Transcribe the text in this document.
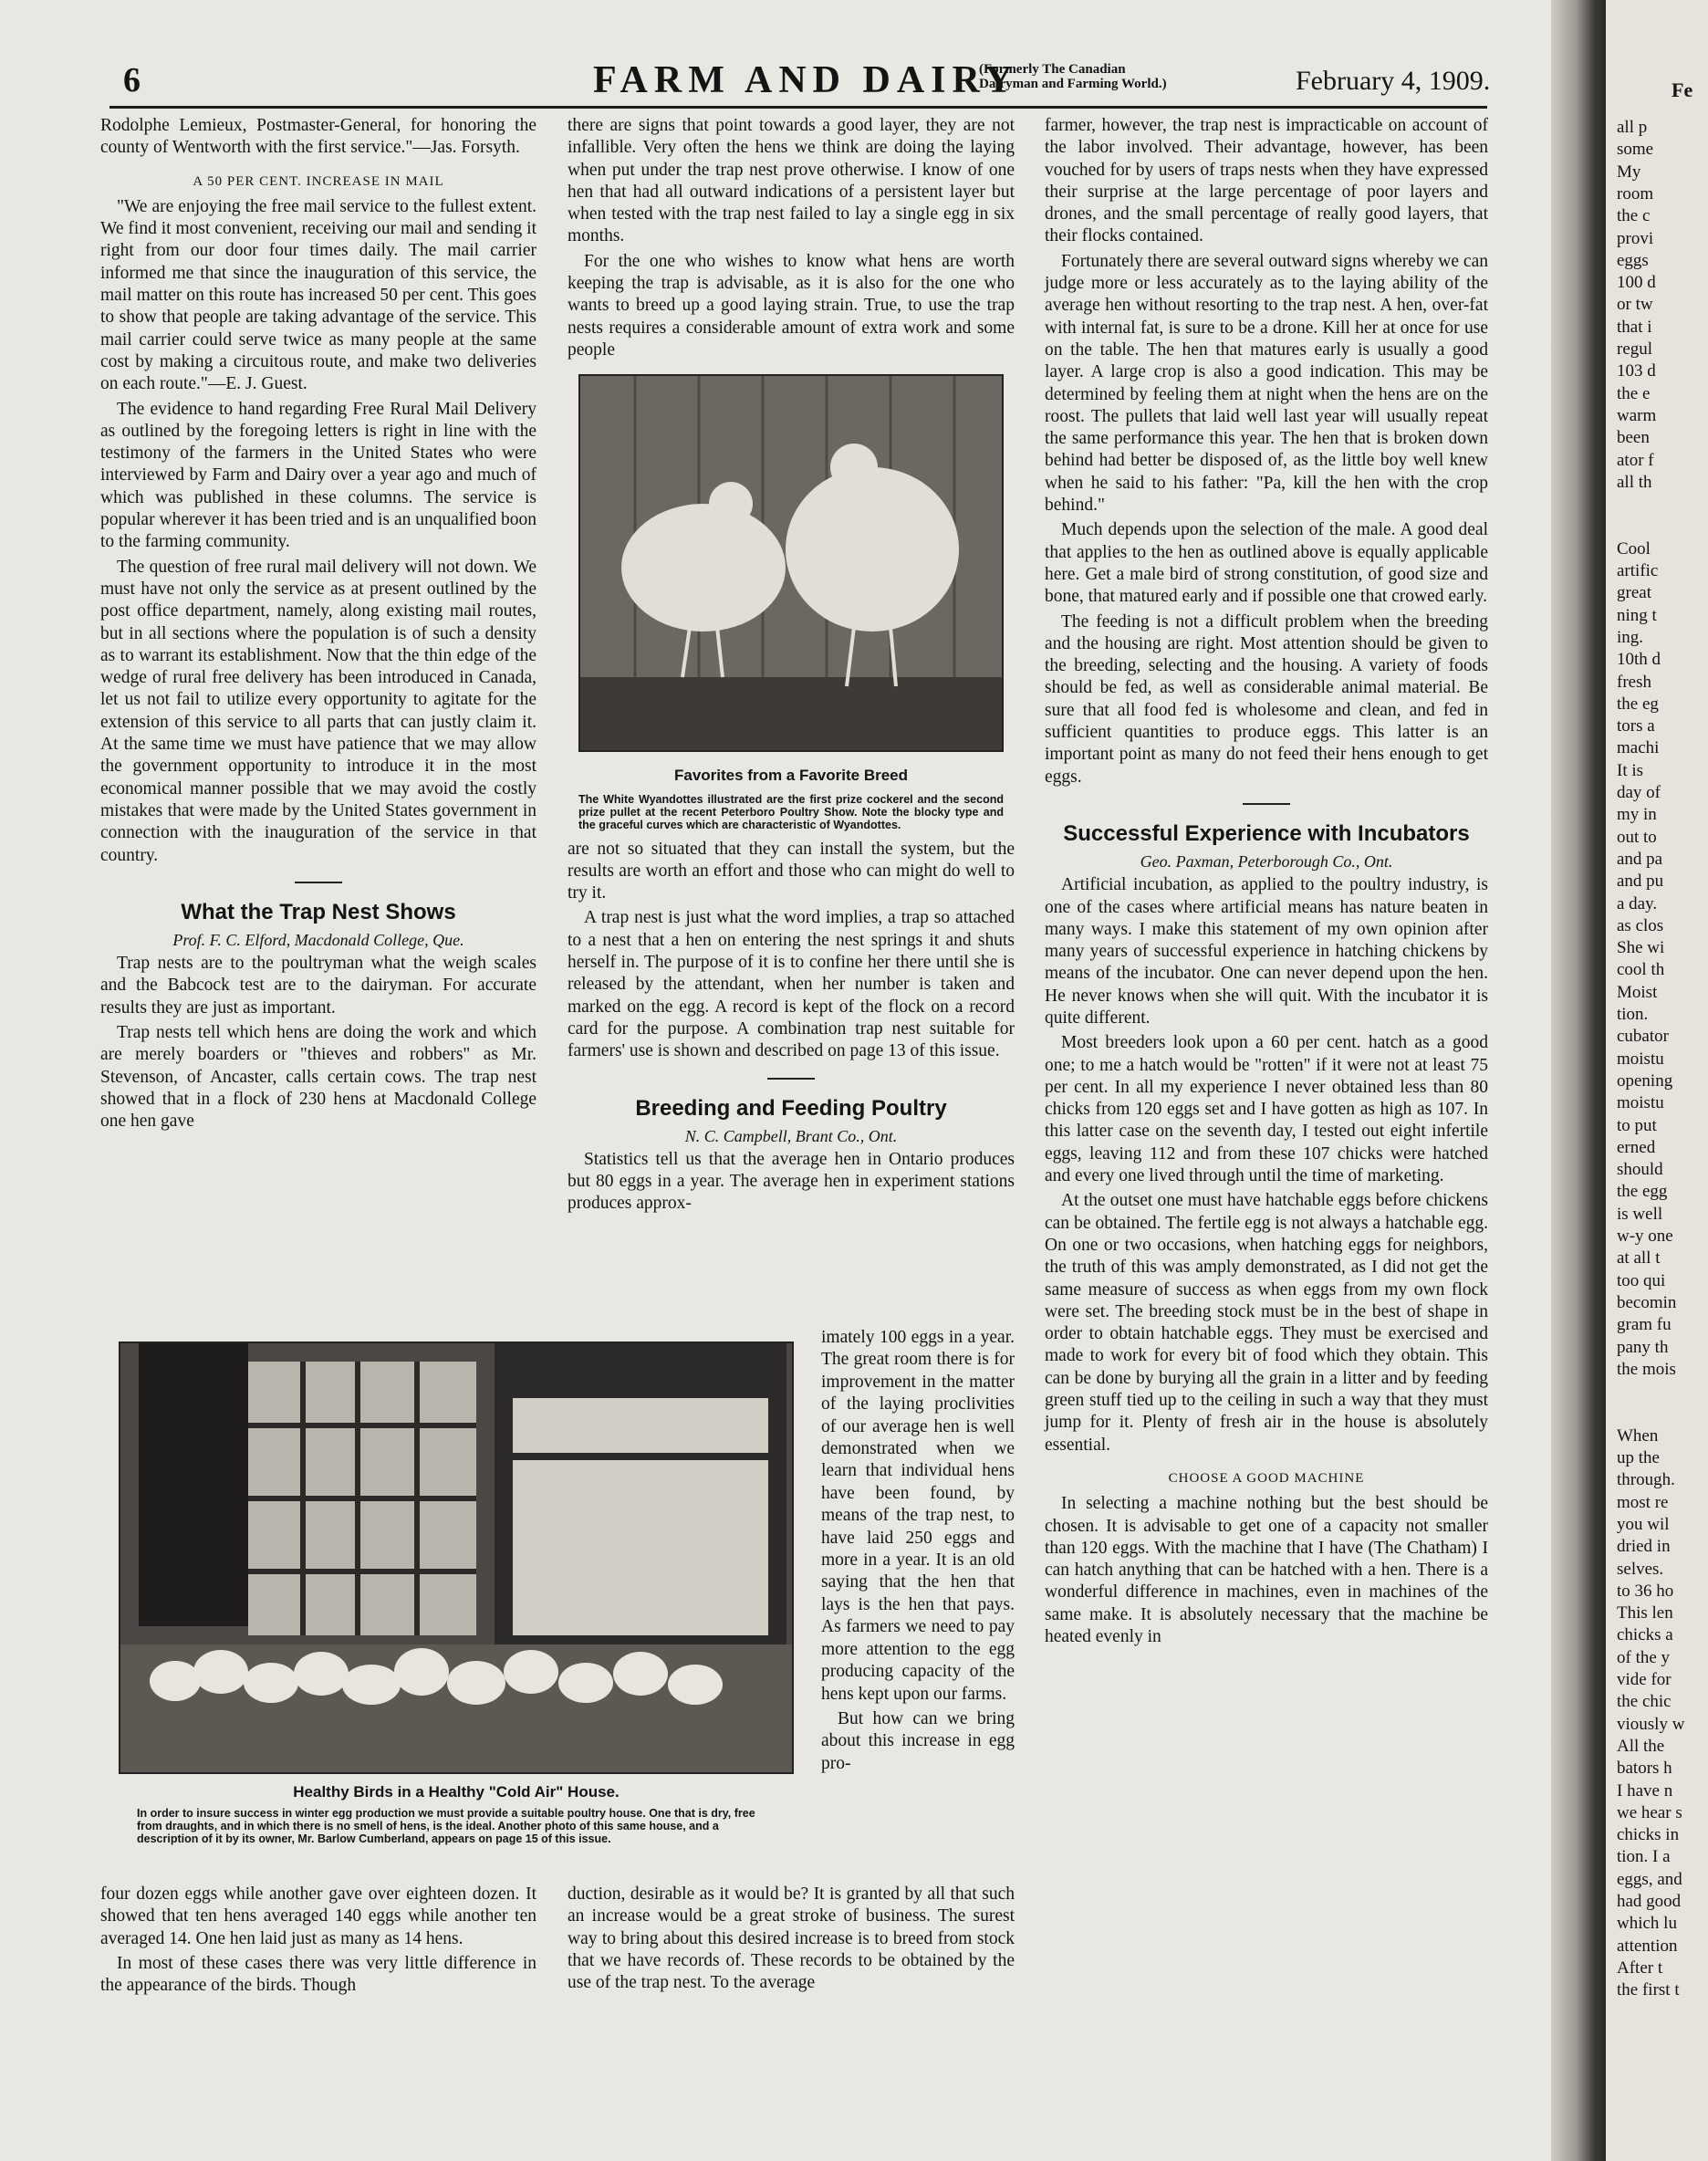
6	FARM AND DAIRY
(Formerly The Canadian Dairyman and Farming World.)	February 4, 1909.

Rodolphe Lemieux, Postmaster-General, for honoring the county of Wentworth with the first service."—Jas. Forsyth.

A 50 PER CENT. INCREASE IN MAIL

"We are enjoying the free mail service to the fullest extent. We find it most convenient, receiving our mail and sending it right from our door four times daily. The mail carrier informed me that since the inauguration of this service, the mail matter on this route has increased 50 per cent. This goes to show that people are taking advantage of the service. This mail carrier could serve twice as many people at the same cost by making a circuitous route, and make two deliveries on each route."—E. J. Guest.

The evidence to hand regarding Free Rural Mail Delivery as outlined by the foregoing letters is right in line with the testimony of the farmers in the United States who were interviewed by Farm and Dairy over a year ago and much of which was published in these columns. The service is popular wherever it has been tried and is an unqualified boon to the farming community.

The question of free rural mail delivery will not down. We must have not only the service as at present outlined by the post office department, namely, along existing mail routes, but in all sections where the population is of such a density as to warrant its establishment. Now that the thin edge of the wedge of rural free delivery has been introduced in Canada, let us not fail to utilize every opportunity to agitate for the extension of this service to all parts that can justly claim it. At the same time we must have patience that we may allow the government opportunity to introduce it in the most economical manner possible that we may avoid the costly mistakes that were made by the United States government in connection with the inauguration of the service in that country.

What the Trap Nest Shows
Prof. F. C. Elford, Macdonald College, Que.

Trap nests are to the poultryman what the weigh scales and the Babcock test are to the dairyman. For accurate results they are just as important.

Trap nests tell which hens are doing the work and which are merely boarders or "thieves and robbers" as Mr. Stevenson, of Ancaster, calls certain cows. The trap nest showed that in a flock of 230 hens at Macdonald College one hen gave

Healthy Birds in a Healthy "Cold Air" House.
In order to insure success in winter egg production we must provide a suitable poultry house. One that is dry, free from draughts, and in which there is no smell of hens, is the ideal. Another photo of this same house, and a description of it by its owner, Mr. Barlow Cumberland, appears on page 15 of this issue.

four dozen eggs while another gave over eighteen dozen. It showed that ten hens averaged 140 eggs while another ten averaged 14. One hen laid just as many as 14 hens.

In most of these cases there was very little difference in the appearance of the birds. Though

there are signs that point towards a good layer, they are not infallible. Very often the hens we think are doing the laying when put under the trap nest prove otherwise. I know of one hen that had all outward indications of a persistent layer but when tested with the trap nest failed to lay a single egg in six months.

For the one who wishes to know what hens are worth keeping the trap is advisable, as it is also for the one who wants to breed up a good laying strain. True, to use the trap nests requires a considerable amount of extra work and some people

Favorites from a Favorite Breed
The White Wyandottes illustrated are the first prize cockerel and the second prize pullet at the recent Peterboro Poultry Show. Note the blocky type and the graceful curves which are characteristic of Wyandottes.

are not so situated that they can install the system, but the results are worth an effort and those who can might do well to try it.

A trap nest is just what the word implies, a trap so attached to a nest that a hen on entering the nest springs it and shuts herself in. The purpose of it is to confine her there until she is released by the attendant, when her number is taken and marked on the egg. A record is kept of the flock on a record card for the purpose. A combination trap nest suitable for farmers' use is shown and described on page 13 of this issue.

Breeding and Feeding Poultry
N. C. Campbell, Brant Co., Ont.

Statistics tell us that the average hen in Ontario produces but 80 eggs in a year. The average hen in experiment stations produces approx-

imately 100 eggs in a year. The great room there is for improvement in the matter of the laying proclivities of our average hen is well demonstrated when we learn that individual hens have been found, by means of the trap nest, to have laid 250 eggs and more in a year. It is an old saying that the hen that lays is the hen that pays. As farmers we need to pay more attention to the egg producing capacity of the hens kept upon our farms.

But how can we bring about this increase in egg pro-

duction, desirable as it would be? It is granted by all that such an increase would be a great stroke of business. The surest way to bring about this desired increase is to breed from stock that we have records of. These records to be obtained by the use of the trap nest. To the average

farmer, however, the trap nest is impracticable on account of the labor involved. Their advantage, however, has been vouched for by users of traps nests when they have expressed their surprise at the large percentage of poor layers and drones, and the small percentage of really good layers, that their flocks contained.

Fortunately there are several outward signs whereby we can judge more or less accurately as to the laying ability of the average hen without resorting to the trap nest. A hen, over-fat with internal fat, is sure to be a drone. Kill her at once for use on the table. The hen that matures early is usually a good layer. A large crop is also a good indication. This may be determined by feeling them at night when the hens are on the roost. The pullets that laid well last year will usually repeat the same performance this year. The hen that is broken down behind had better be disposed of, as the little boy well knew when he said to his father: "Pa, kill the hen with the crop behind."

Much depends upon the selection of the male. A good deal that applies to the hen as outlined above is equally applicable here. Get a male bird of strong constitution, of good size and bone, that matured early and if possible one that crowed early.

The feeding is not a difficult problem when the breeding and the housing are right. Most attention should be given to the breeding, selecting and the housing. A variety of foods should be fed, as well as considerable animal material. Be sure that all food fed is wholesome and clean, and fed in sufficient quantities to produce eggs. This latter is an important point as many do not feed their hens enough to get eggs.

Successful Experience with Incubators
Geo. Paxman, Peterborough Co., Ont.

Artificial incubation, as applied to the poultry industry, is one of the cases where artificial means has nature beaten in many ways. I make this statement of my own opinion after many years of successful experience in hatching chickens by means of the incubator. One can never depend upon the hen. He never knows when she will quit. With the incubator it is quite different.

Most breeders look upon a 60 per cent. hatch as a good one; to me a hatch would be "rotten" if it were not at least 75 per cent. In all my experience I never obtained less than 80 chicks from 120 eggs set and I have gotten as high as 107. In this latter case on the seventh day, I tested out eight infertile eggs, leaving 112 and from these 107 chicks were hatched and every one lived through until the time of marketing.

At the outset one must have hatchable eggs before chickens can be obtained. The fertile egg is not always a hatchable egg. On one or two occasions, when hatching eggs for neighbors, the truth of this was amply demonstrated, as I did not get the same measure of success as when eggs from my own flock were set. The breeding stock must be in the best of shape in order to obtain hatchable eggs. They must be exercised and made to work for every bit of food which they obtain. This can be done by burying all the grain in a litter and by feeding green stuff tied up to the ceiling in such a way that they must jump for it. Plenty of fresh air in the house is absolutely essential.

CHOOSE A GOOD MACHINE

In selecting a machine nothing but the best should be chosen. It is advisable to get one of a capacity not smaller than 120 eggs. With the machine that I have (The Chatham) I can hatch anything that can be hatched with a hen. There is a wonderful difference in machines, even in machines of the same make. It is absolutely necessary that the machine be heated evenly in

Fe
all p
some
My
room
the c
provi
eggs
100 d
or tw
that i
regul
103 d
the e
warm
been
ator f
all th
Cool
artific
great
ning t
ing.
10th d
fresh
the eg
tors a
machi
It is
day of
my in
out to
and pa
and pu
a day.
as clos
She wi
cool th
Moist
tion.
cubator
moistu
opening
moistu
to put
erned
should
the egg
is well
w-y one
at all t
too qui
becomin
gram fu
pany th
the mois
When
up the
through.
most re
you wil
dried in
selves.
to 36 ho
This len
chicks a
of the y
vide for
the chic
viously w
All the
bators h
I have n
we hear s
chicks in
tion. I a
eggs, and
had good
which lu
attention
After t
the first t
